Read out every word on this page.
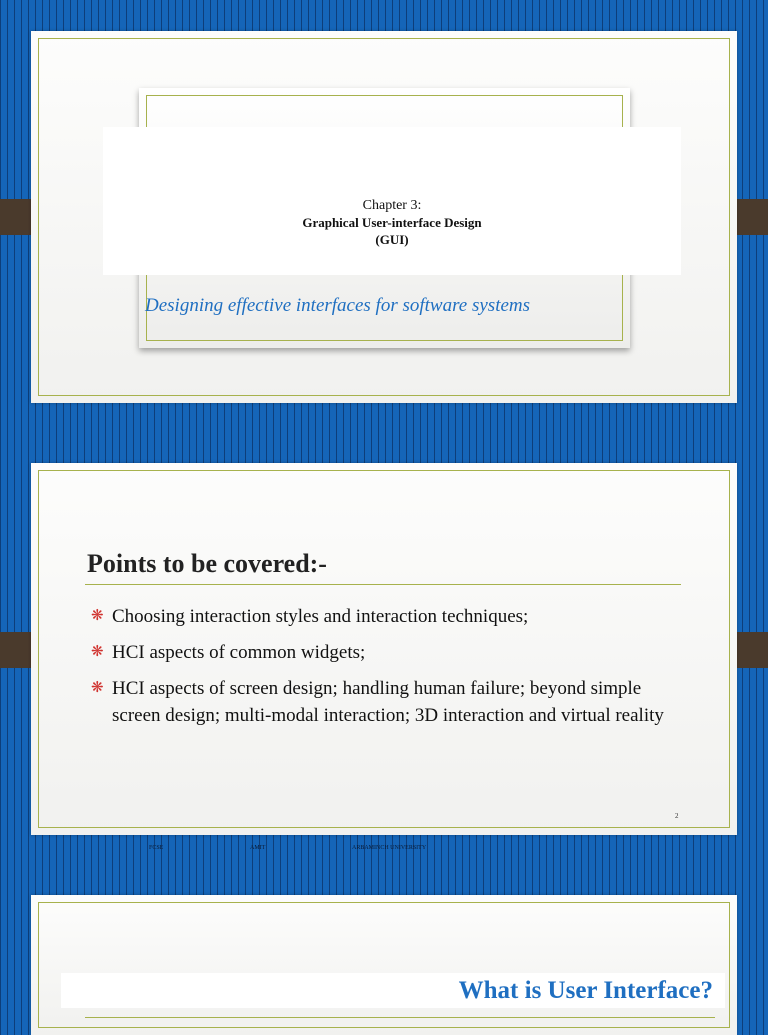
Chapter 3:
Graphical User-interface Design
(GUI)
Designing effective interfaces for software systems
Points to be covered:-
❋ Choosing interaction styles and interaction techniques;
❋ HCI aspects of common widgets;
❋ HCI aspects of screen design; handling human failure; beyond simple screen design; multi-modal interaction; 3D interaction and virtual reality
2
FCSE	AMIT	ARBAMINCH UNIVERSITY
What is User Interface?
